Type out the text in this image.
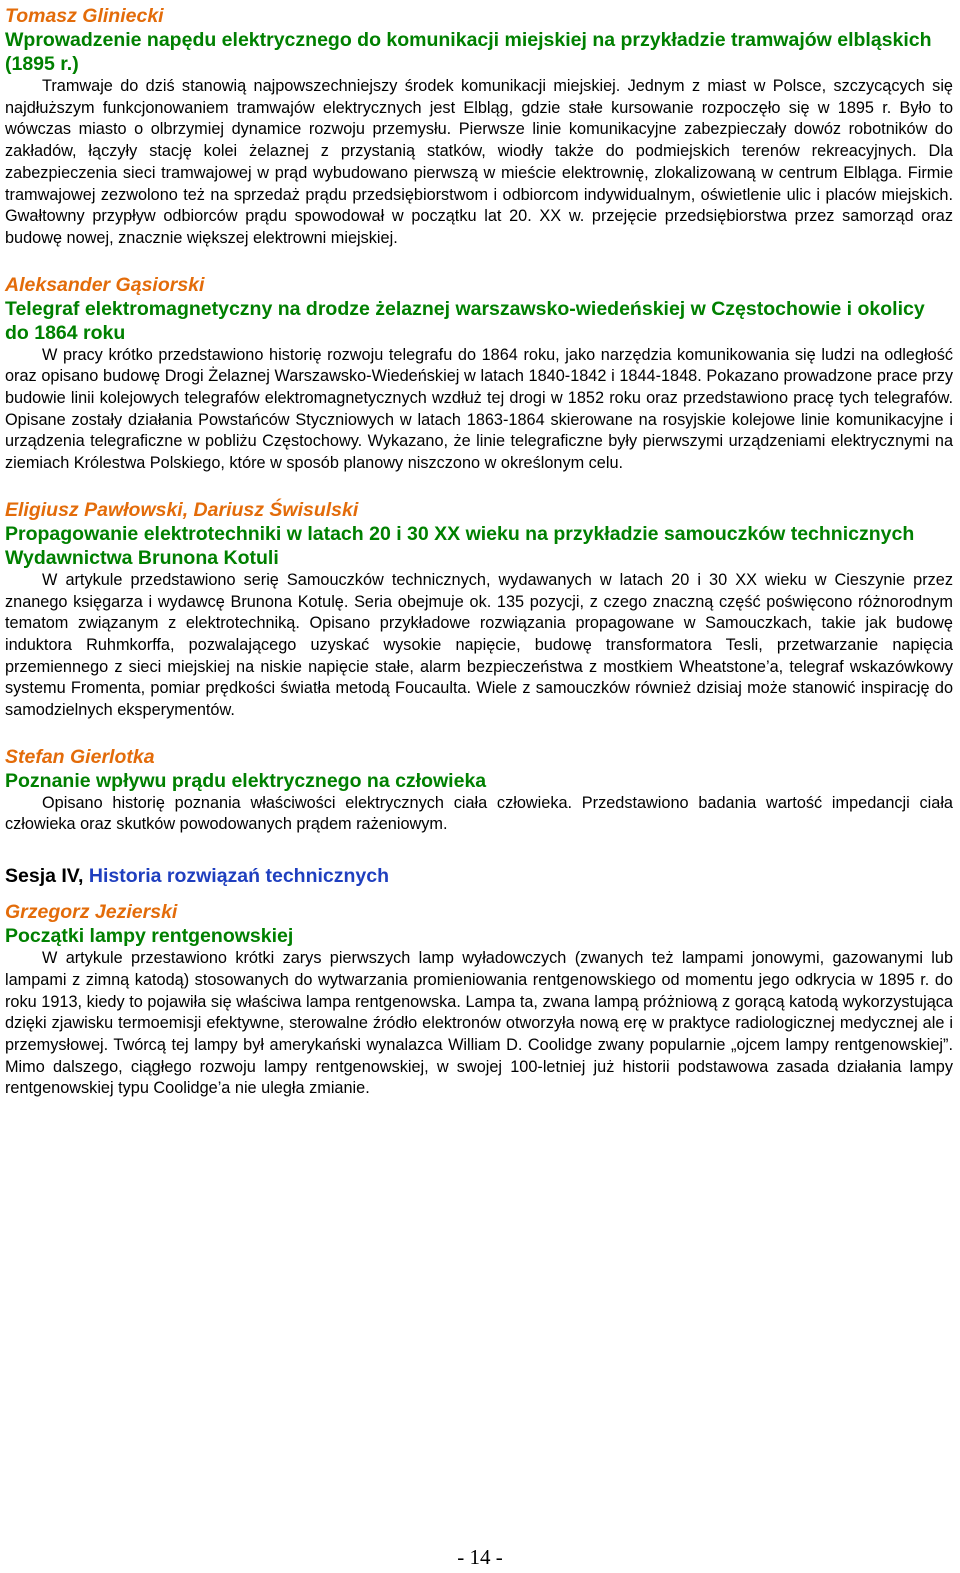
Tomasz Gliniecki
Wprowadzenie napędu elektrycznego do komunikacji miejskiej na przykładzie tramwajów elbląskich (1895 r.)

Tramwaje do dziś stanowią najpowszechniejszy środek komunikacji miejskiej. Jednym z miast w Polsce, szczycących się najdłuższym funkcjonowaniem tramwajów elektrycznych jest Elbląg, gdzie stałe kursowanie rozpoczęło się w 1895 r. Było to wówczas miasto o olbrzymiej dynamice rozwoju przemysłu. Pierwsze linie komunikacyjne zabezpieczały dowóz robotników do zakładów, łączyły stację kolei żelaznej z przystanią statków, wiodły także do podmiejskich terenów rekreacyjnych. Dla zabezpieczenia sieci tramwajowej w prąd wybudowano pierwszą w mieście elektrownię, zlokalizowaną w centrum Elbląga. Firmie tramwajowej zezwolono też na sprzedaż prądu przedsiębiorstwom i odbiorcom indywidualnym, oświetlenie ulic i placów miejskich. Gwałtowny przypływ odbiorców prądu spowodował w początku lat 20. XX w. przejęcie przedsiębiorstwa przez samorząd oraz budowę nowej, znacznie większej elektrowni miejskiej.

Aleksander Gąsiorski
Telegraf elektromagnetyczny na drodze żelaznej warszawsko-wiedeńskiej w Częstochowie i okolicy do 1864 roku

W pracy krótko przedstawiono historię rozwoju telegrafu do 1864 roku, jako narzędzia komunikowania się ludzi na odległość oraz opisano budowę Drogi Żelaznej Warszawsko-Wiedeńskiej w latach 1840-1842 i 1844-1848. Pokazano prowadzone prace przy budowie linii kolejowych telegrafów elektromagnetycznych wzdłuż tej drogi w 1852 roku oraz przedstawiono pracę tych telegrafów. Opisane zostały działania Powstańców Styczniowych w latach 1863-1864 skierowane na rosyjskie kolejowe linie komunikacyjne i urządzenia telegraficzne w pobliżu Częstochowy. Wykazano, że linie telegraficzne były pierwszymi urządzeniami elektrycznymi na ziemiach Królestwa Polskiego, które w sposób planowy niszczono w określonym celu.

Eligiusz Pawłowski, Dariusz Świsulski
Propagowanie elektrotechniki w latach 20 i 30 XX wieku na przykładzie samouczków technicznych Wydawnictwa Brunona Kotuli

W artykule przedstawiono serię Samouczków technicznych, wydawanych w latach 20 i 30 XX wieku w Cieszynie przez znanego księgarza i wydawcę Brunona Kotulę. Seria obejmuje ok. 135 pozycji, z czego znaczną część poświęcono różnorodnym tematom związanym z elektrotechniką. Opisano przykładowe rozwiązania propagowane w Samouczkach, takie jak budowę induktora Ruhmkorffa, pozwalającego uzyskać wysokie napięcie, budowę transformatora Tesli, przetwarzanie napięcia przemiennego z sieci miejskiej na niskie napięcie stałe, alarm bezpieczeństwa z mostkiem Wheatstone’a, telegraf wskazówkowy systemu Fromenta, pomiar prędkości światła metodą Foucaulta. Wiele z samouczków również dzisiaj może stanowić inspirację do samodzielnych eksperymentów.

Stefan Gierlotka
Poznanie wpływu prądu elektrycznego na człowieka

Opisano historię poznania właściwości elektrycznych ciała człowieka. Przedstawiono badania wartość impedancji ciała człowieka oraz skutków powodowanych prądem rażeniowym.

Sesja IV, Historia rozwiązań technicznych
Grzegorz Jezierski
Początki lampy rentgenowskiej

W artykule przestawiono krótki zarys pierwszych lamp wyładowczych (zwanych też lampami jonowymi, gazowanymi lub lampami z zimną katodą) stosowanych do wytwarzania promieniowania rentgenowskiego od momentu jego odkrycia w 1895 r. do roku 1913, kiedy to pojawiła się właściwa lampa rentgenowska. Lampa ta, zwana lampą próżniową z gorącą katodą wykorzystująca dzięki zjawisku termoemisji efektywne, sterowalne źródło elektronów otworzyła nową erę w praktyce radiologicznej medycznej ale i przemysłowej. Twórcą tej lampy był amerykański wynalazca William D. Coolidge zwany popularnie „ojcem lampy rentgenowskiej”. Mimo dalszego, ciągłego rozwoju lampy rentgenowskiej, w swojej 100-letniej już historii podstawowa zasada działania lampy rentgenowskiej typu Coolidge’a nie uległa zmianie.

- 14 -
